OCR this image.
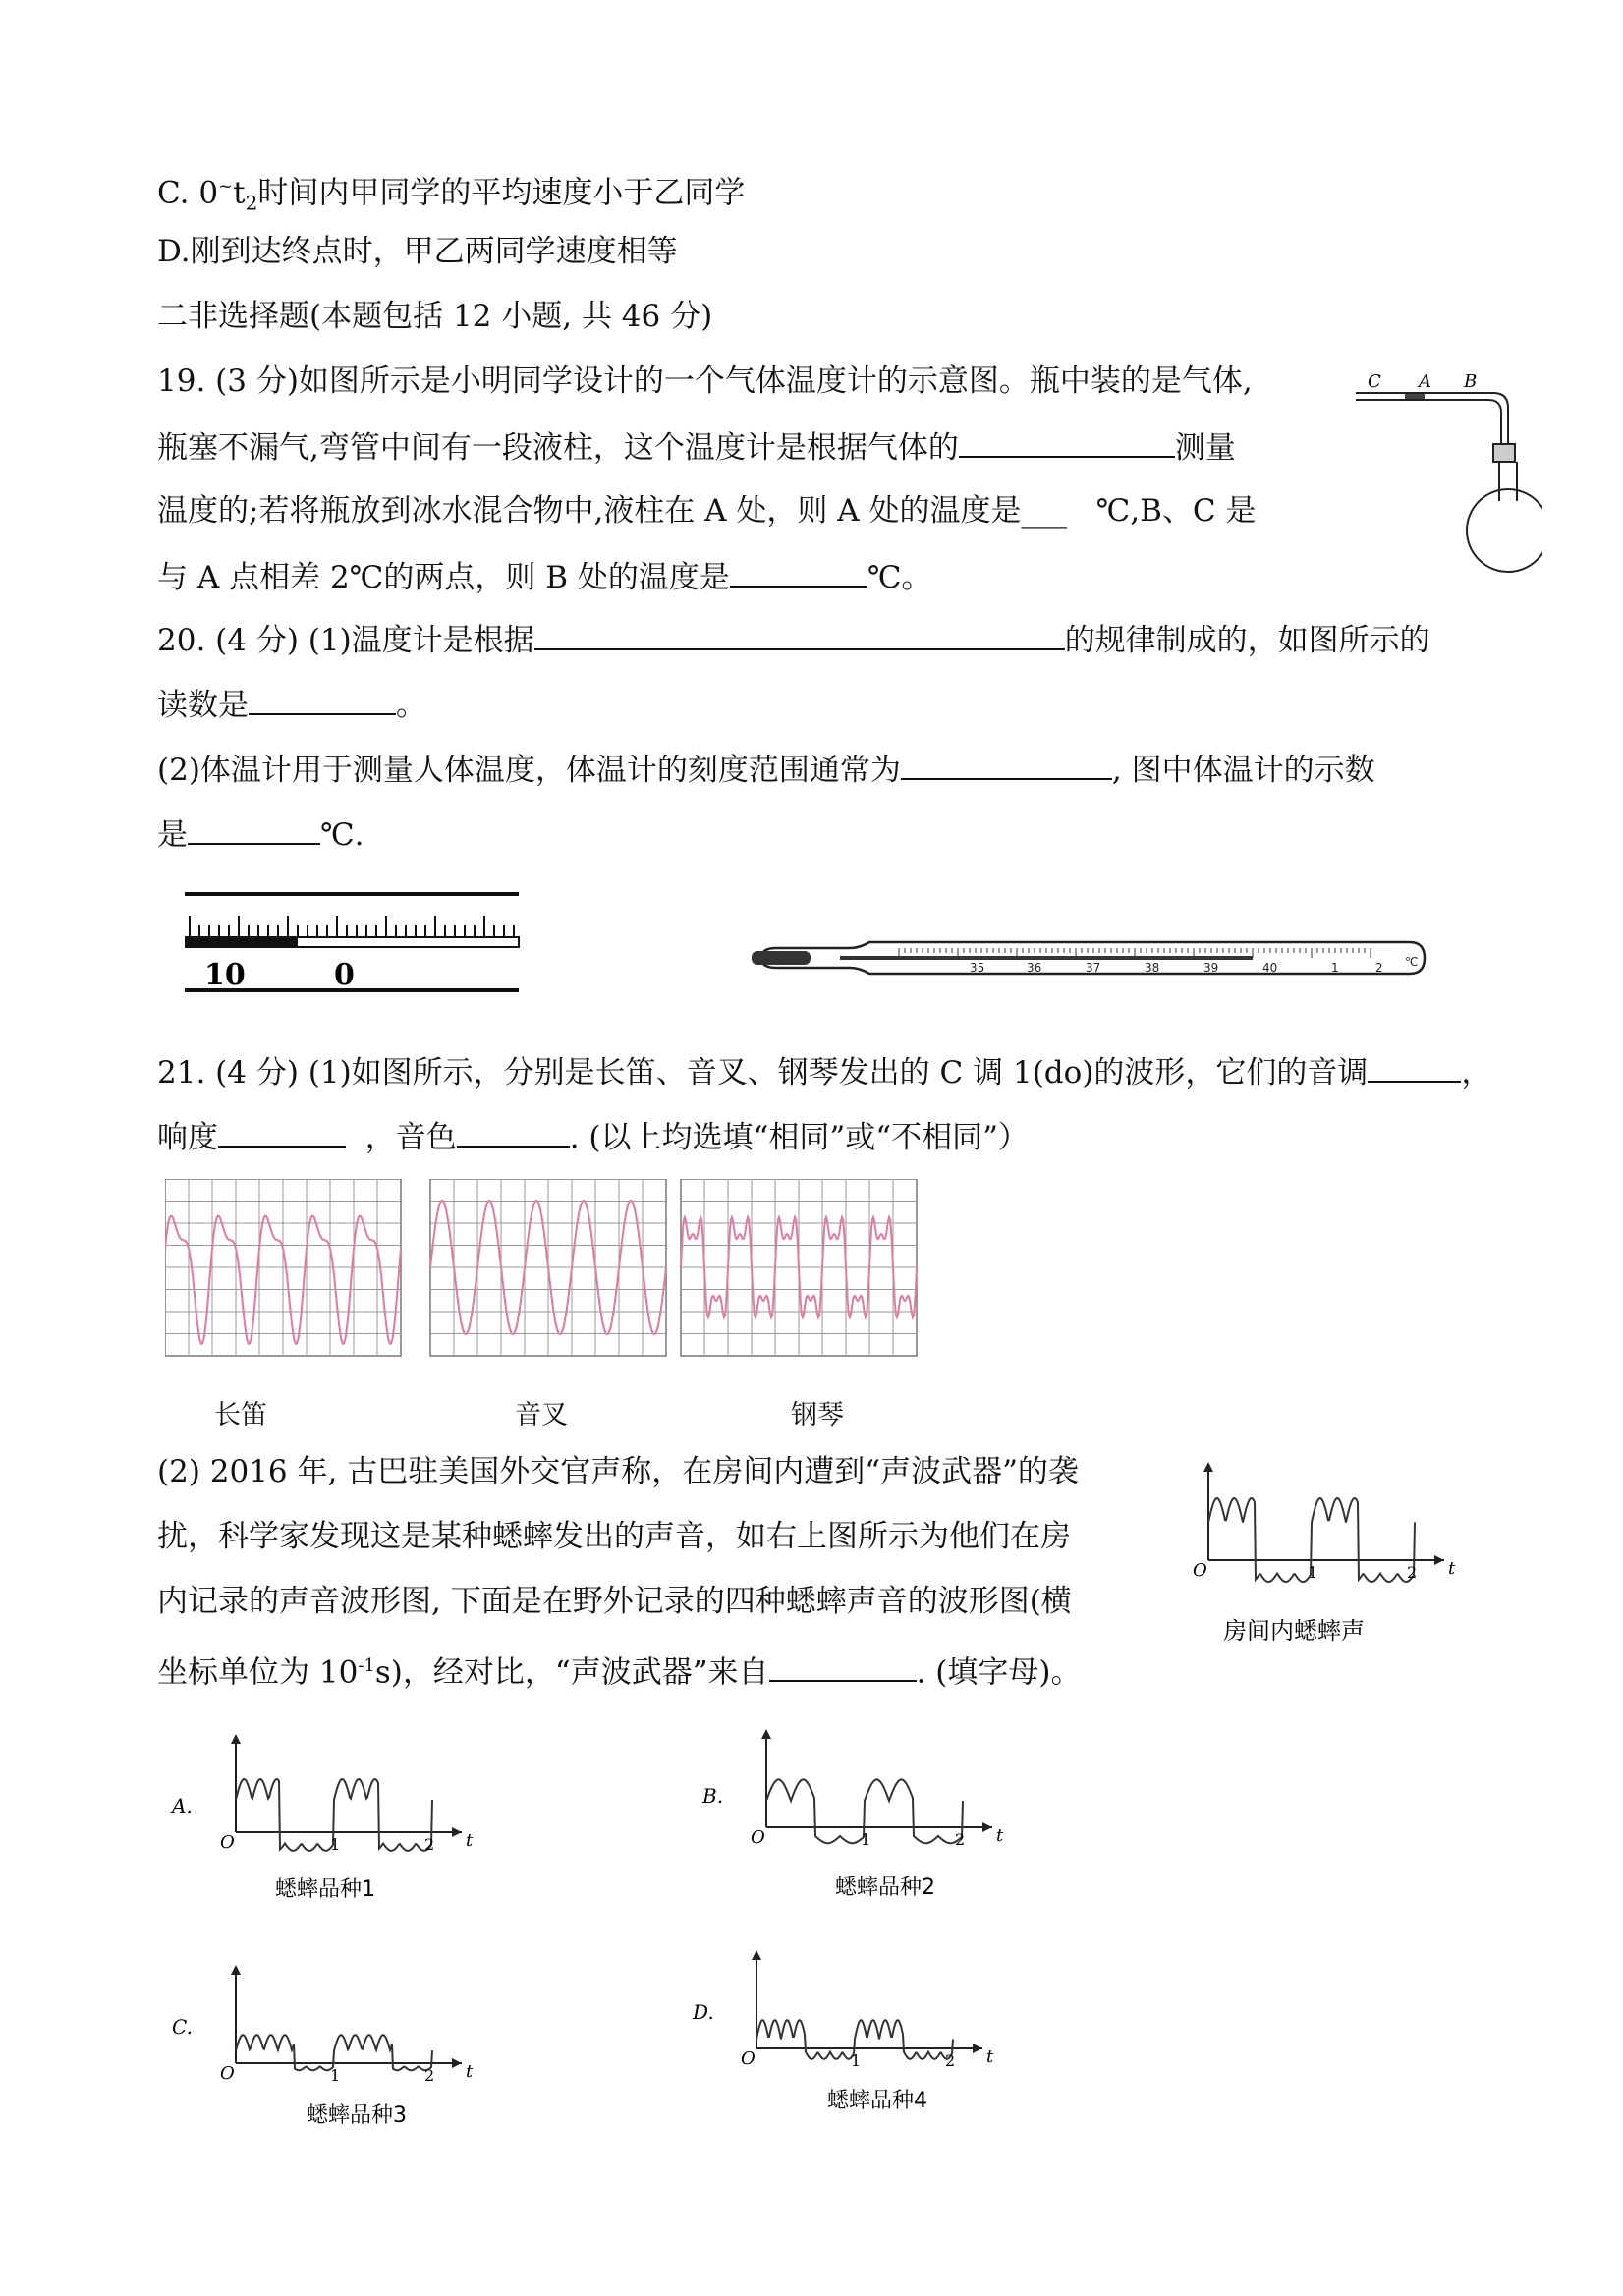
C. $0^\sim t_2$时间内甲同学的平均速度小于乙同学
D.刚到达终点时，甲乙两同学速度相等
二非选择题(本题包括 12 小题, 共 46 分)
19. (3 分)如图所示是小明同学设计的一个气体温度计的示意图。瓶中装的是气体,
瓶塞不漏气,弯管中间有一段液柱，这个温度计是根据气体的	测量
温度的;若将瓶放到冰水混合物中,液柱在 A 处，则 A 处的温度是___ ℃,B、C 是
与 A 点相差 2℃的两点，则 B 处的温度是	℃。
C A B
20. (4 分) (1)温度计是根据	的规律制成的，如图所示的
读数是	。
(2)体温计用于测量人体温度，体温计的刻度范围通常为	, 图中体温计的示数
是	℃.
10	0	35	36	37	38	39	40	1	2 ℃
21. (4 分) (1)如图所示，分别是长笛、音叉、钢琴发出的 C 调 1(do)的波形，它们的音调	，
响度	，音色	. (以上均选填“相同”或“不相同”）
长笛	音叉	钢琴
(2) 2016 年, 古巴驻美国外交官声称，在房间内遭到“声波武器”的袭
扰，科学家发现这是某种蟋蟀发出的声音，如右上图所示为他们在房
内记录的声音波形图, 下面是在野外记录的四种蟋蟀声音的波形图(横
坐标单位为 $10^{-1}s$)，经对比，“声波武器”来自	. (填字母)。
1	2
O	t
房间内蟋蟀声
A.
1	2
O	t
蟋蟀品种1
B.
1	2
O	t
蟋蟀品种2
C.
1	2
O	t
蟋蟀品种3
D.
1	2
O	t
蟋蟀品种4
